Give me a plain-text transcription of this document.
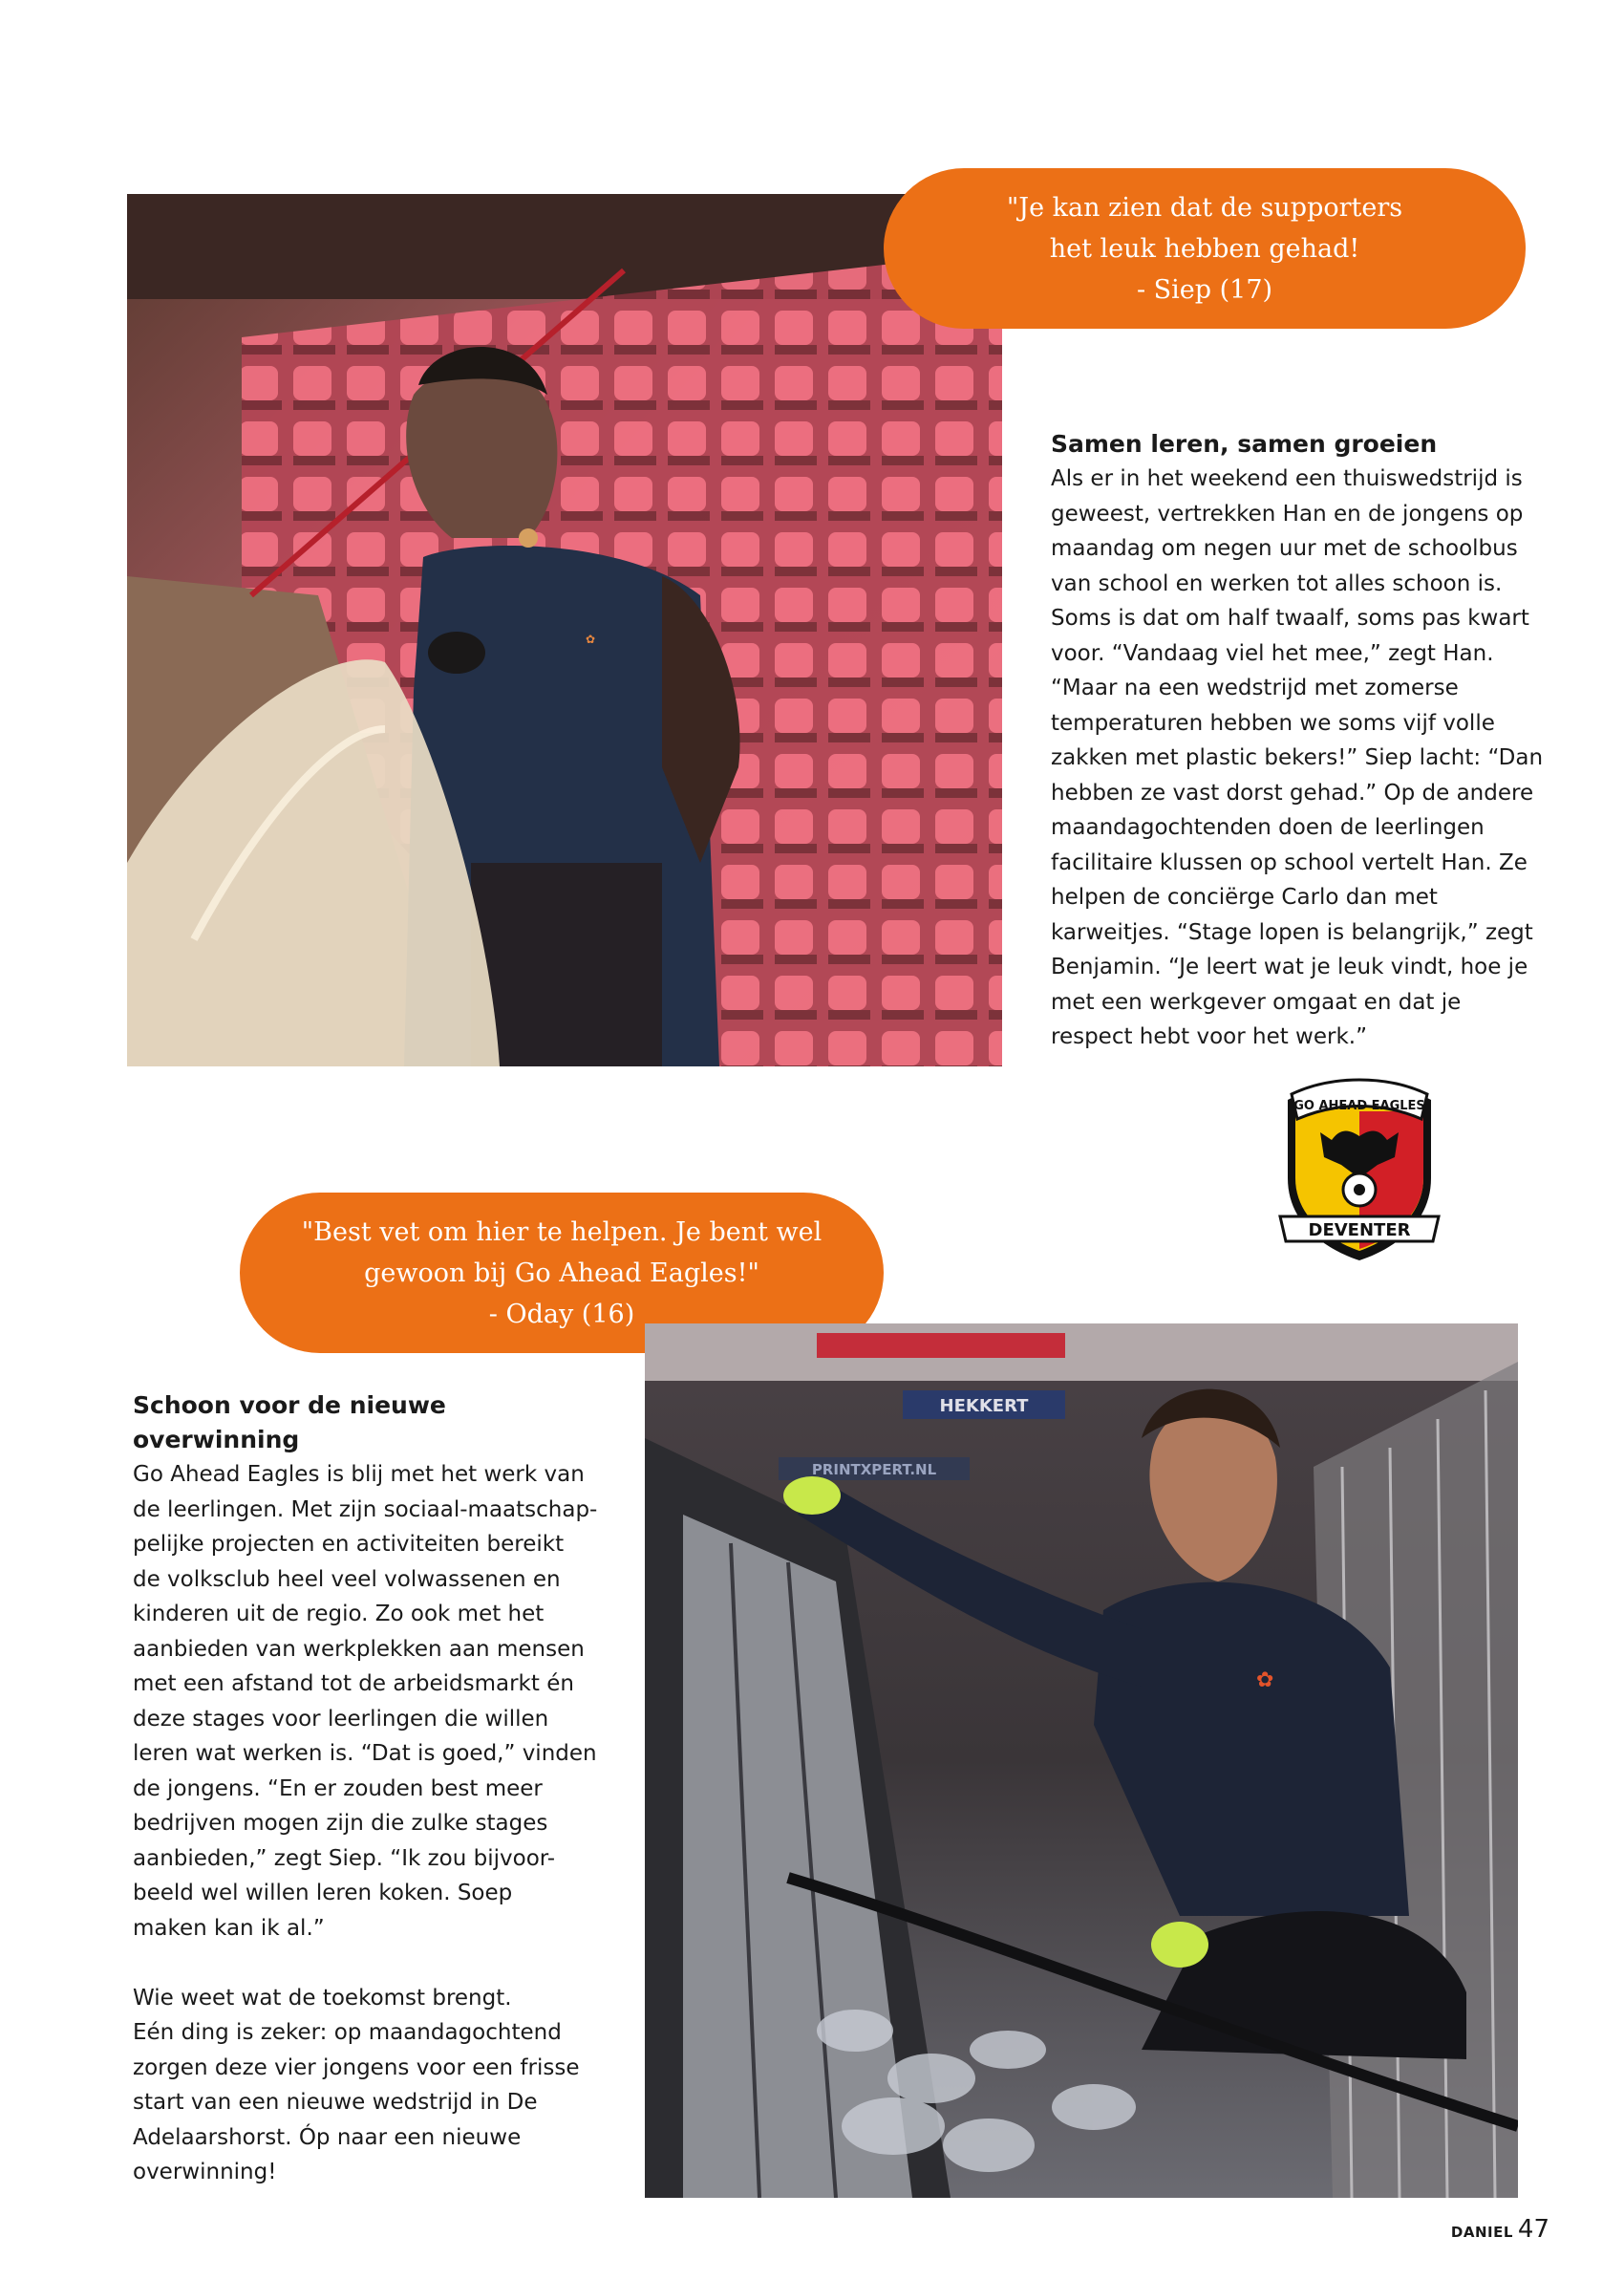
✿
"Je kan zien dat de supporters
het leuk hebben gehad!
- Siep (17)
Samen leren, samen groeien

Als er in het weekend een thuiswedstrijd is
geweest, vertrekken Han en de jongens op
maandag om negen uur met de schoolbus
van school en werken tot alles schoon is.
Soms is dat om half twaalf, soms pas kwart
voor. “Vandaag viel het mee,” zegt Han.
“Maar na een wedstrijd met zomerse
temperaturen hebben we soms vijf volle
zakken met plastic bekers!” Siep lacht: “Dan
hebben ze vast dorst gehad.” Op de andere
maandagochtenden doen de leerlingen
facilitaire klussen op school vertelt Han. Ze
helpen de conciërge Carlo dan met
karweitjes. “Stage lopen is belangrijk,” zegt
Benjamin. “Je leert wat je leuk vindt, hoe je
met een werkgever omgaat en dat je
respect hebt voor het werk.”

GO AHEAD EAGLES
DEVENTER
"Best vet om hier te helpen. Je bent wel
gewoon bij Go Ahead Eagles!"
- Oday (16)
Schoon voor de nieuwe
overwinning

Go Ahead Eagles is blij met het werk van
de leerlingen. Met zijn sociaal-maatschap-
pelijke projecten en activiteiten bereikt
de volksclub heel veel volwassenen en
kinderen uit de regio. Zo ook met het
aanbieden van werkplekken aan mensen
met een afstand tot de arbeidsmarkt én
deze stages voor leerlingen die willen
leren wat werken is. “Dat is goed,” vinden
de jongens. “En er zouden best meer
bedrijven mogen zijn die zulke stages
aanbieden,” zegt Siep. “Ik zou bijvoor-
beeld wel willen leren koken. Soep
maken kan ik al.”

Wie weet wat de toekomst brengt.
Eén ding is zeker: op maandagochtend
zorgen deze vier jongens voor een frisse
start van een nieuwe wedstrijd in De
Adelaarshorst. Óp naar een nieuwe
overwinning!

HEKKERT
PRINTXPERT.NL
✿
DANIEL 47
